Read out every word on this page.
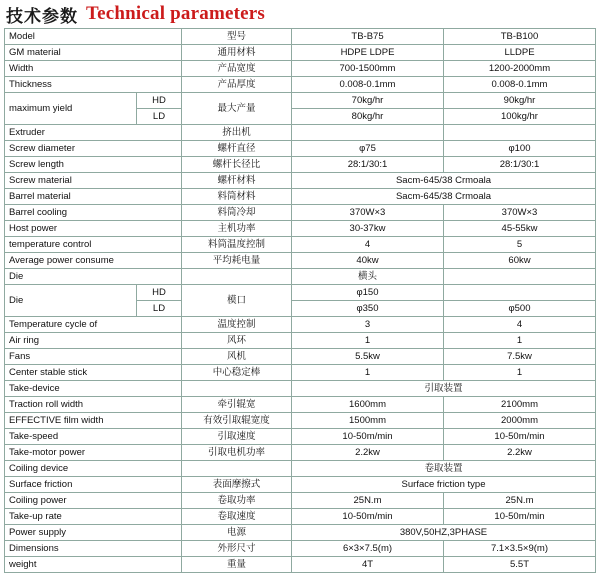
技术参数 Technical parameters
Model		型号	TB-B75	TB-B100
GM material		通用材料	HDPE LDPE	LLDPE
Width		产品宽度	700-1500mm	1200-2000mm
Thickness		产品厚度	0.008-0.1mm	0.008-0.1mm
maximum yield	HD	最大产量	70kg/hr	90kg/hr
	LD		80kg/hr	100kg/hr
Extruder		挤出机		
Screw diameter		螺杆直径	φ75	φ100
Screw length		螺杆长径比	28:1/30:1	28:1/30:1
Screw material		螺杆材料	Sacm-645/38 Crmoala	
Barrel material		料筒材料	Sacm-645/38 Crmoala	
Barrel cooling		料筒冷却	370W×3	370W×3
Host power		主机功率	30-37kw	45-55kw
temperature control		料筒温度控制	4	5
Average power consume		平均耗电量	40kw	60kw
Die			横头	
Die	HD	模口	φ150	
	LD		φ350	φ500
Temperature cycle of		温度控制	3	4
Air ring		风环	1	1
Fans		风机	5.5kw	7.5kw
Center stable stick		中心稳定棒	1	1
Take-device			引取装置	
Traction roll width		牵引辊宽	1600mm	2100mm
EFFECTIVE film width		有效引取辊宽度	1500mm	2000mm
Take-speed		引取速度	10-50m/min	10-50m/min
Take-motor power		引取电机功率	2.2kw	2.2kw
Coiling device			卷取装置	
Surface friction		表面摩擦式	Surface friction type	
Coiling power		卷取功率	25N.m	25N.m
Take-up rate		卷取速度	10-50m/min	10-50m/min
Power supply		电源	380V,50HZ,3PHASE	
Dimensions		外形尺寸	6×3×7.5(m)	7.1×3.5×9(m)
weight		重量	4T	5.5T
